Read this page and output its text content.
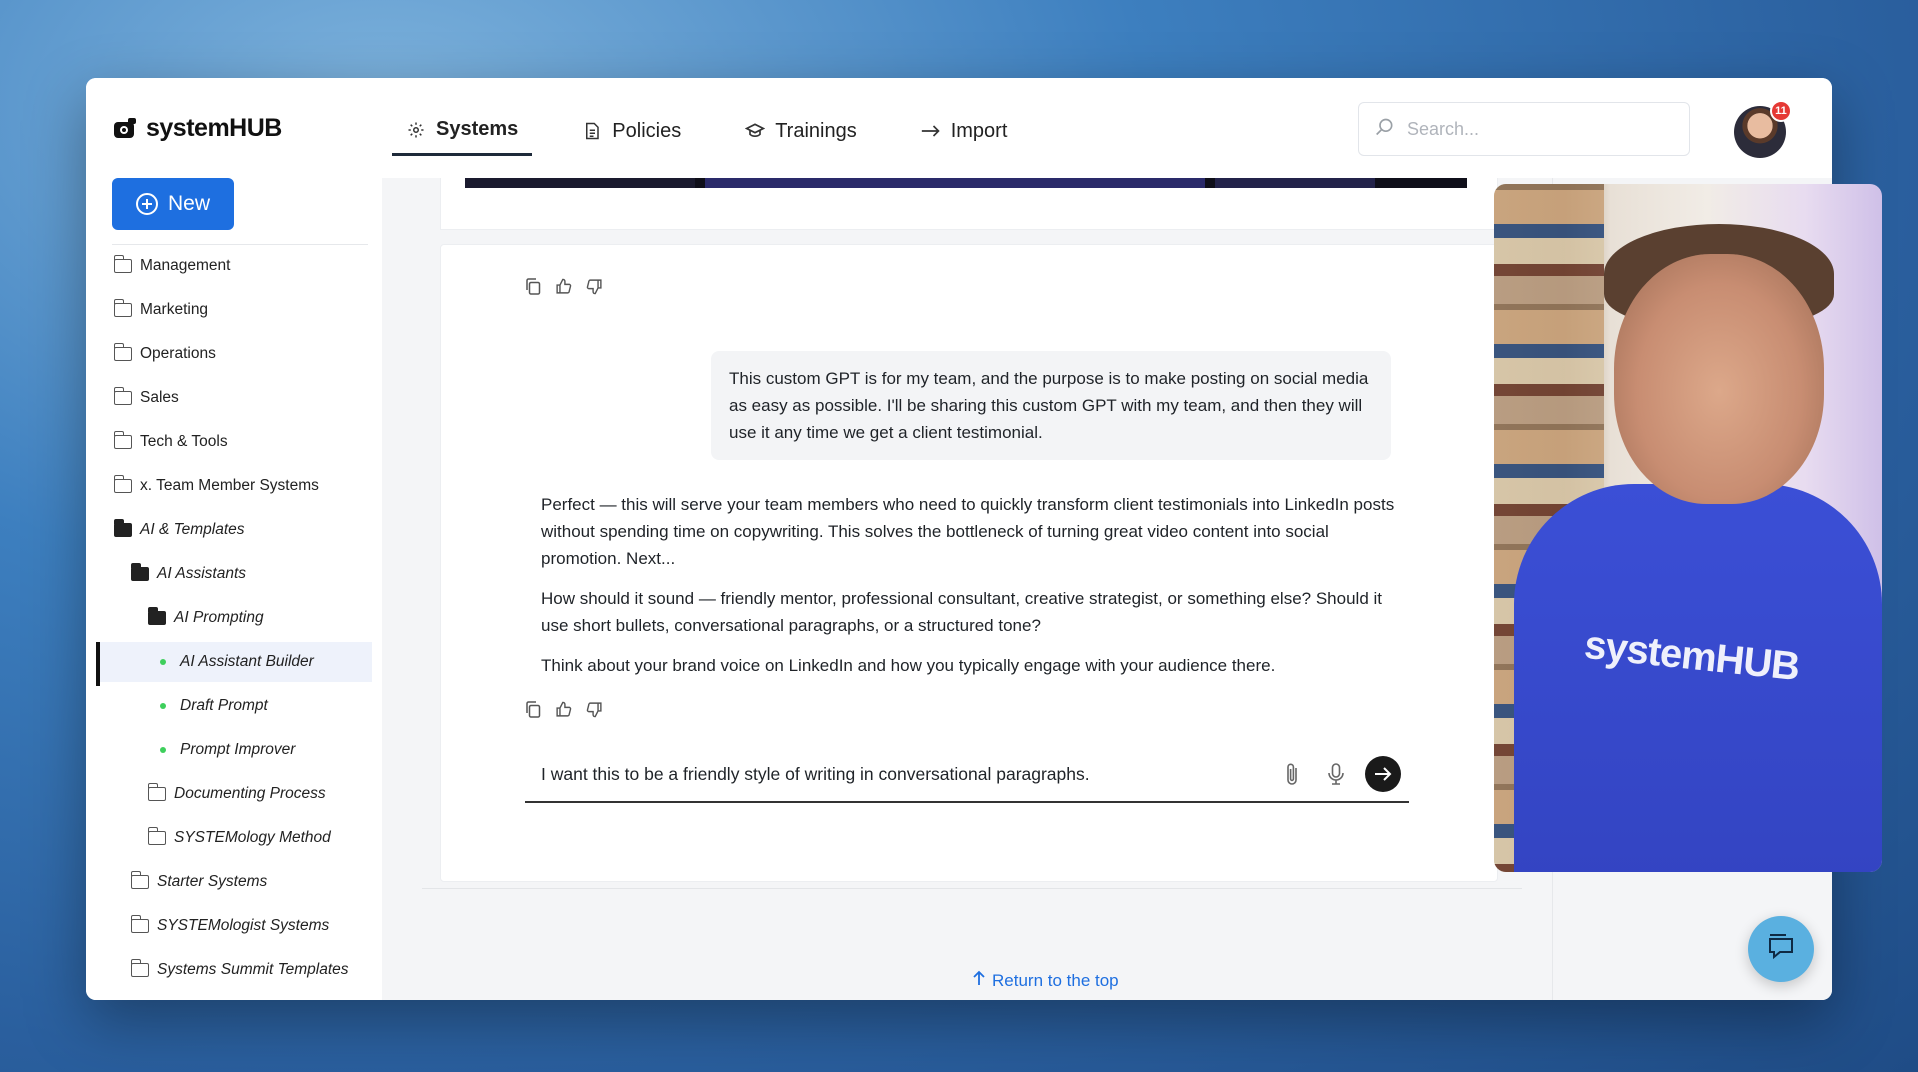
systemHUB	Systems	Policies	Trainings	Import
Search...
11
New
Management
Marketing
Operations
Sales
Tech & Tools
x. Team Member Systems
AI & Templates
AI Assistants
AI Prompting
AI Assistant Builder
Draft Prompt
Prompt Improver
Documenting Process
SYSTEMology Method
Starter Systems
SYSTEMologist Systems
Systems Summit Templates
This custom GPT is for my team, and the purpose is to make posting on social media as easy as possible. I'll be sharing this custom GPT with my team, and then they will use it any time we get a client testimonial.

Perfect — this will serve your team members who need to quickly transform client testimonials into LinkedIn posts without spending time on copywriting. This solves the bottleneck of turning great video content into social promotion. Next...

How should it sound — friendly mentor, professional consultant, creative strategist, or something else? Should it use short bullets, conversational paragraphs, or a structured tone?

Think about your brand voice on LinkedIn and how you typically engage with your audience there.

I want this to be a friendly style of writing in conversational paragraphs.
Return to the top
systemHUB
